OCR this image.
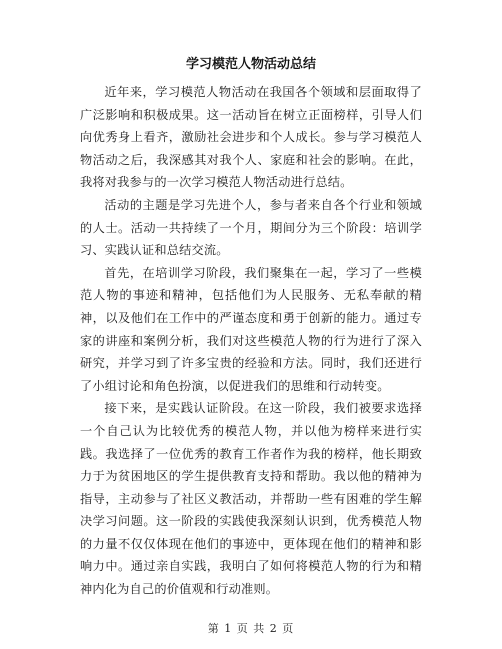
学习模范人物活动总结

近年来，学习模范人物活动在我国各个领域和层面取得了广泛影响和积极成果。这一活动旨在树立正面榜样，引导人们向优秀身上看齐，激励社会进步和个人成长。参与学习模范人物活动之后，我深感其对我个人、家庭和社会的影响。在此，我将对我参与的一次学习模范人物活动进行总结。

活动的主题是学习先进个人，参与者来自各个行业和领域的人士。活动一共持续了一个月，期间分为三个阶段：培训学习、实践认证和总结交流。

首先，在培训学习阶段，我们聚集在一起，学习了一些模范人物的事迹和精神，包括他们为人民服务、无私奉献的精神，以及他们在工作中的严谨态度和勇于创新的能力。通过专家的讲座和案例分析，我们对这些模范人物的行为进行了深入研究，并学习到了许多宝贵的经验和方法。同时，我们还进行了小组讨论和角色扮演，以促进我们的思维和行动转变。

接下来，是实践认证阶段。在这一阶段，我们被要求选择一个自己认为比较优秀的模范人物，并以他为榜样来进行实践。我选择了一位优秀的教育工作者作为我的榜样，他长期致力于为贫困地区的学生提供教育支持和帮助。我以他的精神为指导，主动参与了社区义教活动，并帮助一些有困难的学生解决学习问题。这一阶段的实践使我深刻认识到，优秀模范人物的力量不仅仅体现在他们的事迹中，更体现在他们的精神和影响力中。通过亲自实践，我明白了如何将模范人物的行为和精神内化为自己的价值观和行动准则。

第 1 页 共 2 页
